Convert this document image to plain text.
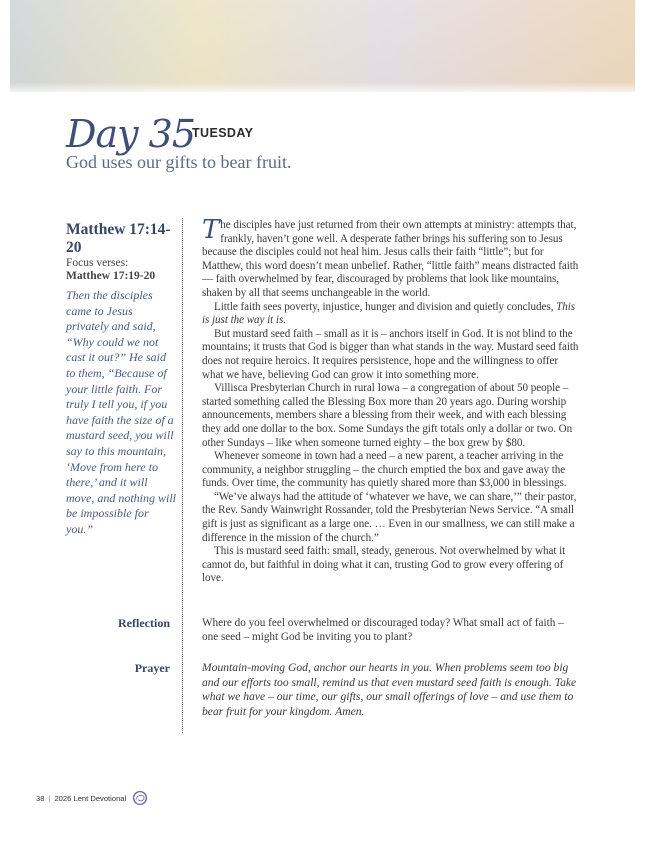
Day 35
TUESDAY
God uses our gifts to bear fruit.
Matthew 17:14-20
Focus verses:
Matthew 17:19-20
Then the disciples came to Jesus privately and said, “Why could we not cast it out?” He said to them, “Because of your little faith. For truly I tell you, if you have faith the size of a mustard seed, you will say to this mountain, ‘Move from here to there,’ and it will move, and nothing will be impossible for you.”

The disciples have just returned from their own attempts at ministry: attempts that, frankly, haven’t gone well. A desperate father brings his suffering son to Jesus because the disciples could not heal him. Jesus calls their faith “little”; but for Matthew, this word doesn’t mean unbelief. Rather, “little faith” means distracted faith — faith overwhelmed by fear, discouraged by problems that look like mountains, shaken by all that seems unchangeable in the world.

Little faith sees poverty, injustice, hunger and division and quietly concludes, This is just the way it is.

But mustard seed faith – small as it is – anchors itself in God. It is not blind to the mountains; it trusts that God is bigger than what stands in the way. Mustard seed faith does not require heroics. It requires persistence, hope and the willingness to offer what we have, believing God can grow it into something more.

Villisca Presbyterian Church in rural Iowa – a congregation of about 50 people – started something called the Blessing Box more than 20 years ago. During worship announcements, members share a blessing from their week, and with each blessing they add one dollar to the box. Some Sundays the gift totals only a dollar or two. On other Sundays – like when someone turned eighty – the box grew by $80.

Whenever someone in town had a need – a new parent, a teacher arriving in the community, a neighbor struggling – the church emptied the box and gave away the funds. Over time, the community has quietly shared more than $3,000 in blessings.

“We’ve always had the attitude of ‘whatever we have, we can share,’” their pastor, the Rev. Sandy Wainwright Rossander, told the Presbyterian News Service. “A small gift is just as significant as a large one. … Even in our smallness, we can still make a difference in the mission of the church.”

This is mustard seed faith: small, steady, generous. Not overwhelmed by what it cannot do, but faithful in doing what it can, trusting God to grow every offering of love.

Reflection	Where do you feel overwhelmed or discouraged today? What small act of faith – one seed – might God be inviting you to plant?
Prayer	Mountain-moving God, anchor our hearts in you. When problems seem too big and our efforts too small, remind us that even mustard seed faith is enough. Take what we have – our time, our gifts, our small offerings of love – and use them to bear fruit for your kingdom. Amen.
38 | 2026 Lent Devotional
